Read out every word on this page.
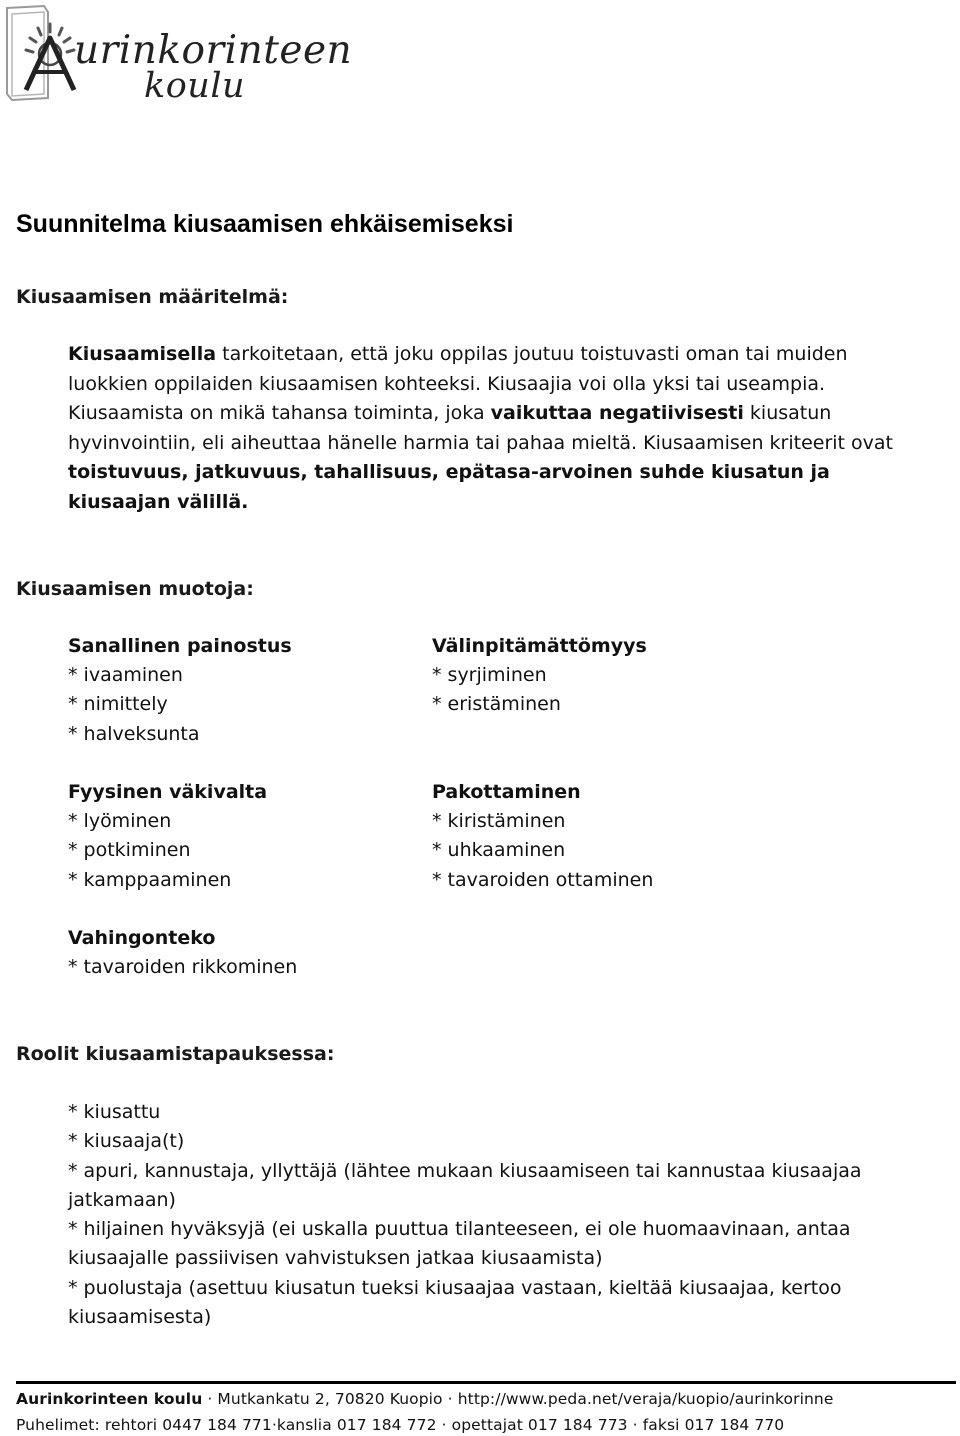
urinkorinteen
koulu
Suunnitelma kiusaamisen ehkäisemiseksi
Kiusaamisen määritelmä:
Kiusaamisella tarkoitetaan, että joku oppilas joutuu toistuvasti oman tai muiden
luokkien oppilaiden kiusaamisen kohteeksi. Kiusaajia voi olla yksi tai useampia.
Kiusaamista on mikä tahansa toiminta, joka vaikuttaa negatiivisesti kiusatun
hyvinvointiin, eli aiheuttaa hänelle harmia tai pahaa mieltä. Kiusaamisen kriteerit ovat
toistuvuus, jatkuvuus, tahallisuus, epätasa-arvoinen suhde kiusatun ja
kiusaajan välillä.
Kiusaamisen muotoja:
Sanallinen painostus
* ivaaminen
* nimittely
* halveksunta
Välinpitämättömyys
* syrjiminen
* eristäminen
Fyysinen väkivalta
* lyöminen
* potkiminen
* kamppaaminen
Pakottaminen
* kiristäminen
* uhkaaminen
* tavaroiden ottaminen
Vahingonteko
* tavaroiden rikkominen
Roolit kiusaamistapauksessa:
* kiusattu
* kiusaaja(t)
* apuri, kannustaja, yllyttäjä (lähtee mukaan kiusaamiseen tai kannustaa kiusaajaa
jatkamaan)
* hiljainen hyväksyjä (ei uskalla puuttua tilanteeseen, ei ole huomaavinaan, antaa
kiusaajalle passiivisen vahvistuksen jatkaa kiusaamista)
* puolustaja (asettuu kiusatun tueksi kiusaajaa vastaan, kieltää kiusaajaa, kertoo
kiusaamisesta)
Aurinkorinteen koulu · Mutkankatu 2, 70820 Kuopio · http://www.peda.net/veraja/kuopio/aurinkorinne
Puhelimet: rehtori 0447 184 771·kanslia 017 184 772 · opettajat 017 184 773 · faksi 017 184 770
